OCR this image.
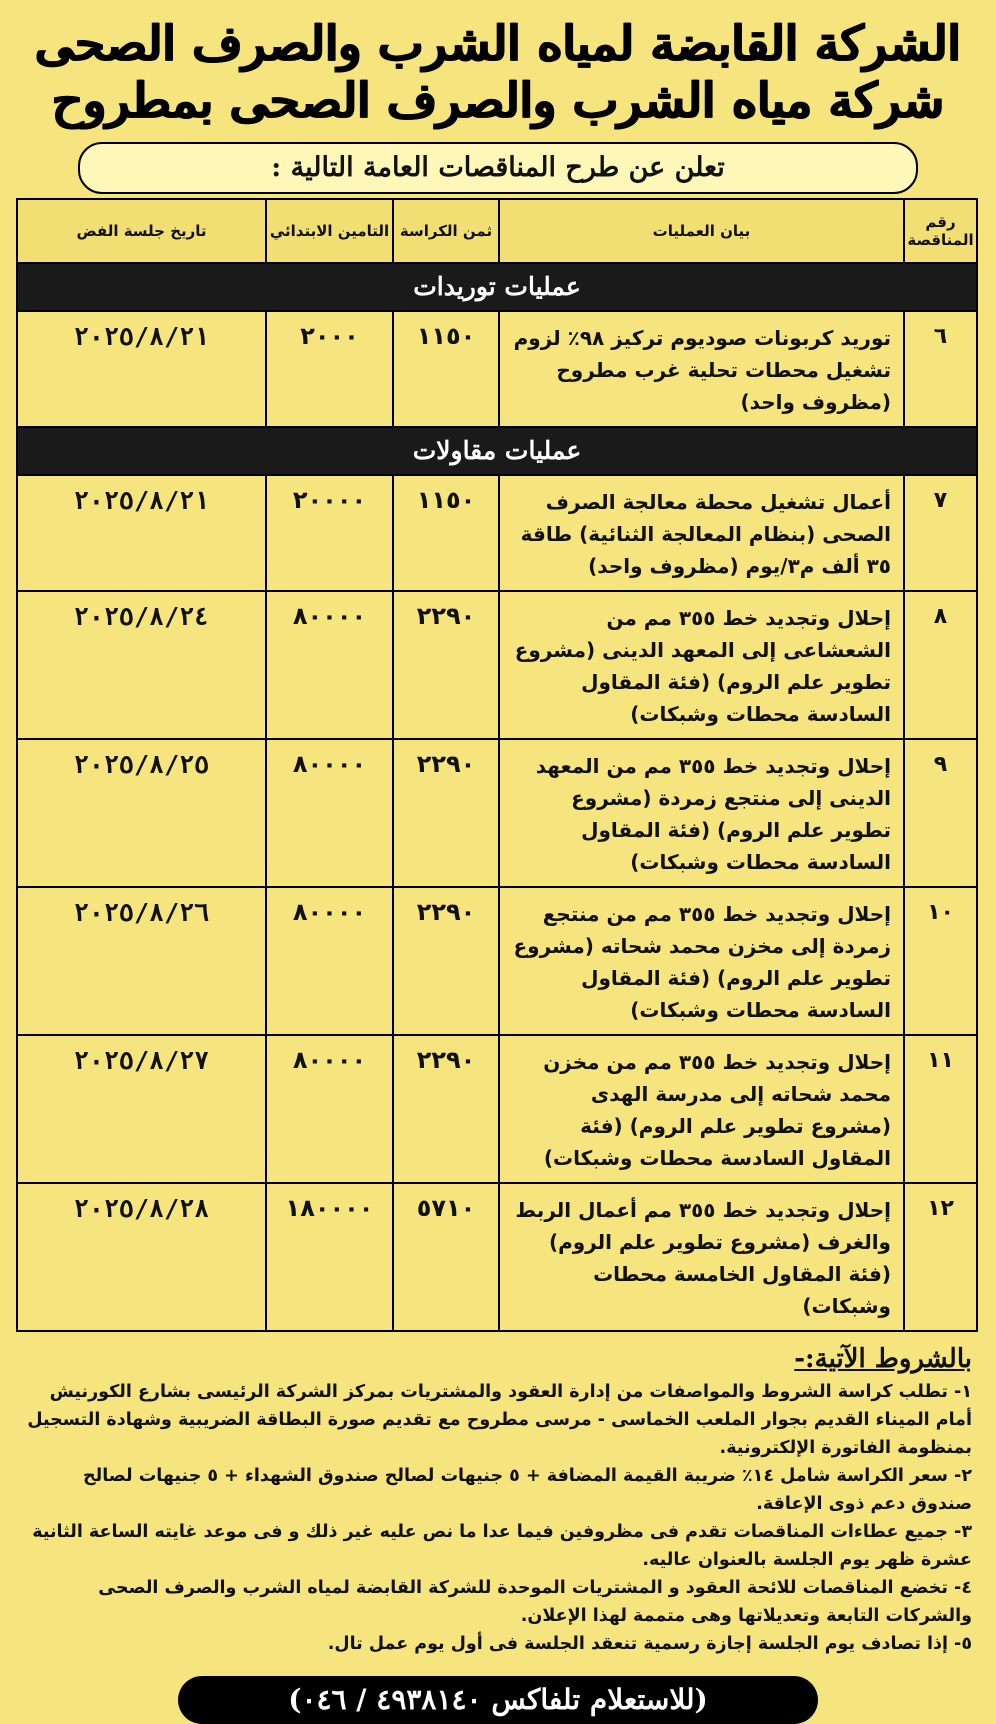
الشركة القابضة لمياه الشرب والصرف الصحى
شركة مياه الشرب والصرف الصحى بمطروح
تعلن عن طرح المناقصات العامة التالية :
رقم المناقصة	بيان العمليات	ثمن الكراسة	التامين الابتدائي	تاريخ جلسة الفض
عمليات توريدات				
٦	توريد كربونات صوديوم تركيز ٩٨٪ لزوم تشغيل محطات تحلية غرب مطروح (مظروف واحد)	١١٥٠	٢٠٠٠	٢٠٢٥/٨/٢١
عمليات مقاولات				
٧	أعمال تشغيل محطة معالجة الصرف الصحى (بنظام المعالجة الثنائية) طاقة ٣٥ ألف م٣/يوم (مظروف واحد)	١١٥٠	٢٠٠٠٠	٢٠٢٥/٨/٢١
٨	إحلال وتجديد خط ٣٥٥ مم من الشعشاعى إلى المعهد الدينى (مشروع تطوير علم الروم) (فئة المقاول السادسة محطات وشبكات)	٢٢٩٠	٨٠٠٠٠	٢٠٢٥/٨/٢٤
٩	إحلال وتجديد خط ٣٥٥ مم من المعهد الدينى إلى منتجع زمردة (مشروع تطوير علم الروم) (فئة المقاول السادسة محطات وشبكات)	٢٢٩٠	٨٠٠٠٠	٢٠٢٥/٨/٢٥
١٠	إحلال وتجديد خط ٣٥٥ مم من منتجع زمردة إلى مخزن محمد شحاته (مشروع تطوير علم الروم) (فئة المقاول السادسة محطات وشبكات)	٢٢٩٠	٨٠٠٠٠	٢٠٢٥/٨/٢٦
١١	إحلال وتجديد خط ٣٥٥ مم من مخزن محمد شحاته إلى مدرسة الهدى (مشروع تطوير علم الروم) (فئة المقاول السادسة محطات وشبكات)	٢٢٩٠	٨٠٠٠٠	٢٠٢٥/٨/٢٧
١٢	إحلال وتجديد خط ٣٥٥ مم أعمال الربط والغرف (مشروع تطوير علم الروم) (فئة المقاول الخامسة محطات وشبكات)	٥٧١٠	١٨٠٠٠٠	٢٠٢٥/٨/٢٨
بالشروط الآتية:-

١- تطلب كراسة الشروط والمواصفات من إدارة العقود والمشتريات بمركز الشركة الرئيسى بشارع الكورنيش أمام الميناء القديم بجوار الملعب الخماسى - مرسى مطروح مع تقديم صورة البطاقة الضريبية وشهادة التسجيل بمنظومة الفاتورة الإلكترونية.

٢- سعر الكراسة شامل ١٤٪ ضريبة القيمة المضافة + ٥ جنيهات لصالح صندوق الشهداء + ٥ جنيهات لصالح صندوق دعم ذوى الإعاقة.

٣- جميع عطاءات المناقصات تقدم فى مظروفين فيما عدا ما نص عليه غير ذلك و فى موعد غايته الساعة الثانية عشرة ظهر يوم الجلسة بالعنوان عاليه.

٤- تخضع المناقصات للائحة العقود و المشتريات الموحدة للشركة القابضة لمياه الشرب والصرف الصحى والشركات التابعة وتعديلاتها وهى متممة لهذا الإعلان.

٥- إذا تصادف يوم الجلسة إجازة رسمية تنعقد الجلسة فى أول يوم عمل تال.

(للاستعلام تلفاكس ٤٩٣٨١٤٠ / ٠٤٦)
